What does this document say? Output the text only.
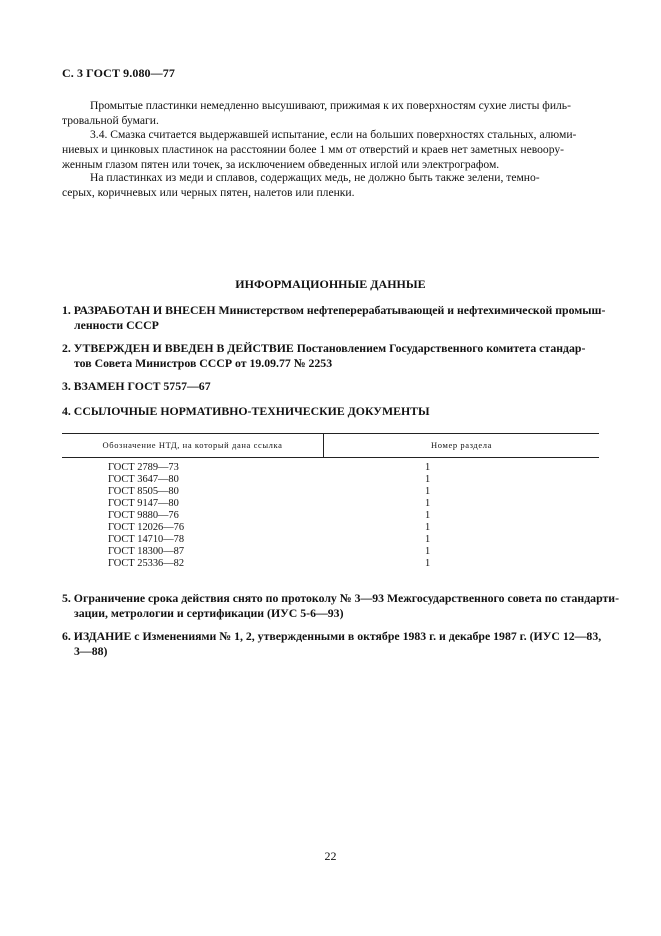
С. 3 ГОСТ 9.080—77
Промытые пластинки немедленно высушивают, прижимая к их поверхностям сухие листы филь-
тровальной бумаги.
3.4. Смазка считается выдержавшей испытание, если на больших поверхностях стальных, алюми-
ниевых и цинковых пластинок на расстоянии более 1 мм от отверстий и краев нет заметных невоору-
женным глазом пятен или точек, за исключением обведенных иглой или электрографом.
На пластинках из меди и сплавов, содержащих медь, не должно быть также зелени, темно-
серых, коричневых или черных пятен, налетов или пленки.
ИНФОРМАЦИОННЫЕ ДАННЫЕ
1. РАЗРАБОТАН И ВНЕСЕН Министерством нефтеперерабатывающей и нефтехимической промыш-
ленности СССР
2. УТВЕРЖДЕН И ВВЕДЕН В ДЕЙСТВИЕ Постановлением Государственного комитета стандар-
тов Совета Министров СССР от 19.09.77 № 2253
3. ВЗАМЕН ГОСТ 5757—67
4. ССЫЛОЧНЫЕ НОРМАТИВНО-ТЕХНИЧЕСКИЕ ДОКУМЕНТЫ
Обозначение НТД, на который дана ссылка	Номер раздела
ГОСТ 2789—73	1
ГОСТ 3647—80	1
ГОСТ 8505—80	1
ГОСТ 9147—80	1
ГОСТ 9880—76	1
ГОСТ 12026—76	1
ГОСТ 14710—78	1
ГОСТ 18300—87	1
ГОСТ 25336—82	1
5. Ограничение срока действия снято по протоколу № 3—93 Межгосударственного совета по стандарти-
зации, метрологии и сертификации (ИУС 5-6—93)
6. ИЗДАНИЕ с Изменениями № 1, 2, утвержденными в октябре 1983 г. и декабре 1987 г. (ИУС 12—83,
3—88)
22
